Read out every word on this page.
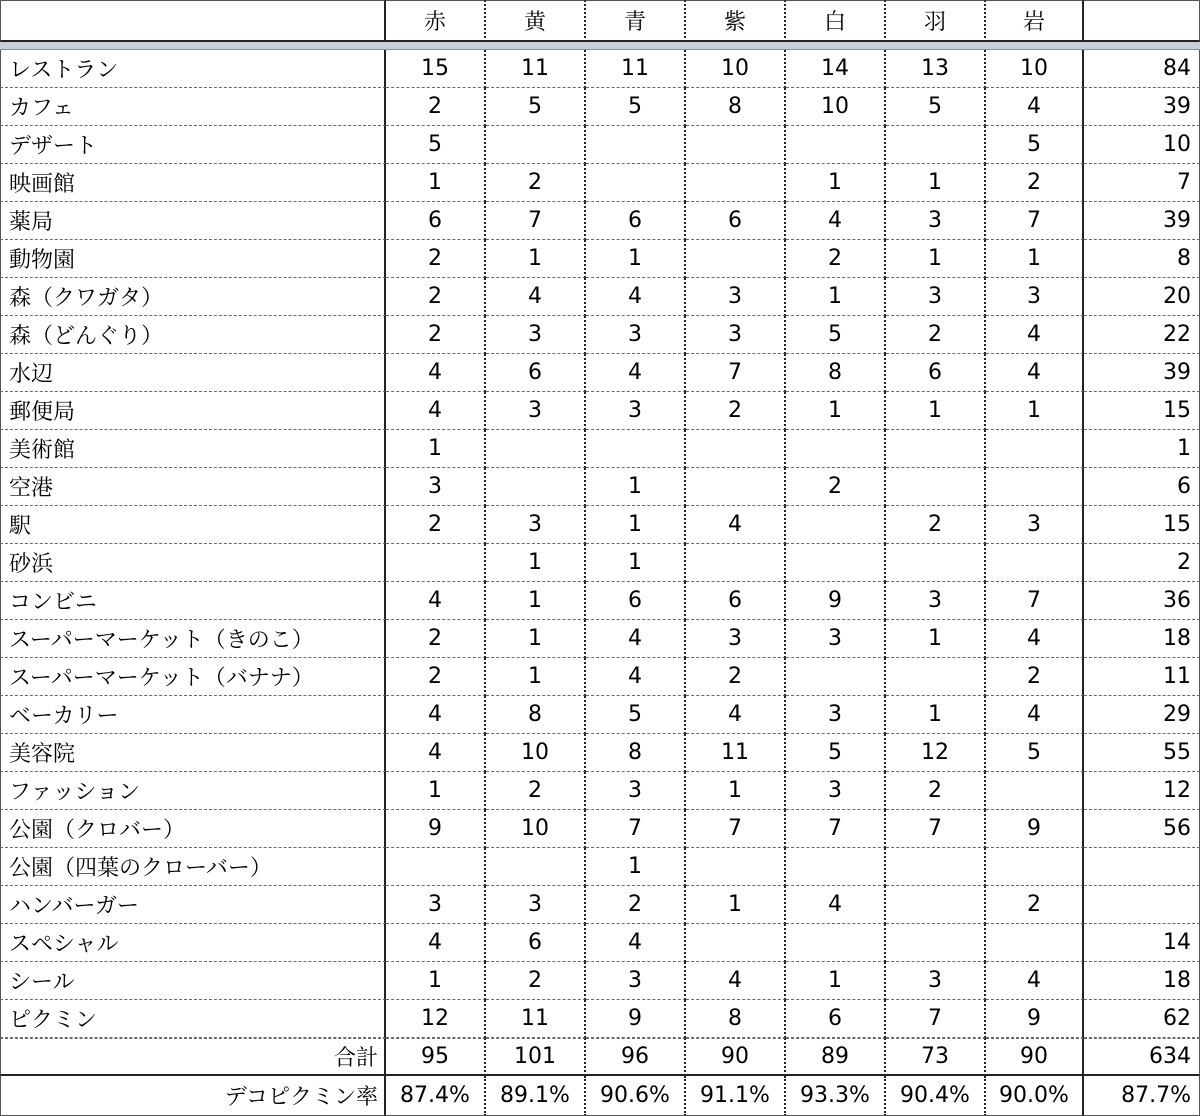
	赤	黄	青	紫	白	羽	岩	

レストラン	15	11	11	10	14	13	10	84
カフェ	2	5	5	8	10	5	4	39
デザート	5						5	10
映画館	1	2			1	1	2	7
薬局	6	7	6	6	4	3	7	39
動物園	2	1	1		2	1	1	8
森（クワガタ）	2	4	4	3	1	3	3	20
森（どんぐり）	2	3	3	3	5	2	4	22
水辺	4	6	4	7	8	6	4	39
郵便局	4	3	3	2	1	1	1	15
美術館	1							1
空港	3		1		2			6
駅	2	3	1	4		2	3	15
砂浜		1	1					2
コンビニ	4	1	6	6	9	3	7	36
スーパーマーケット（きのこ）	2	1	4	3	3	1	4	18
スーパーマーケット（バナナ）	2	1	4	2			2	11
ベーカリー	4	8	5	4	3	1	4	29
美容院	4	10	8	11	5	12	5	55
ファッション	1	2	3	1	3	2		12
公園（クロバー）	9	10	7	7	7	7	9	56
公園（四葉のクローバー）			1					
ハンバーガー	3	3	2	1	4		2	
スペシャル	4	6	4					14
シール	1	2	3	4	1	3	4	18
ピクミン	12	11	9	8	6	7	9	62
合計	95	101	96	90	89	73	90	634
デコピクミン率	87.4%	89.1%	90.6%	91.1%	93.3%	90.4%	90.0%	87.7%
